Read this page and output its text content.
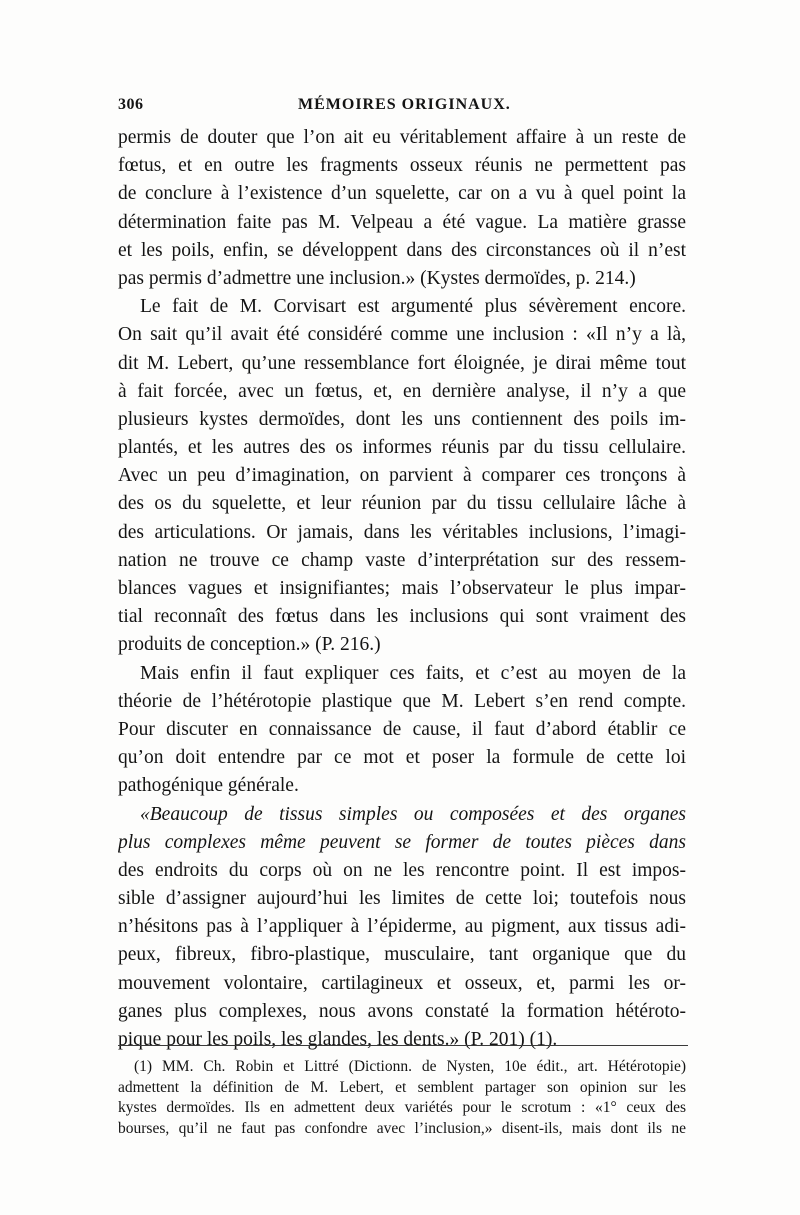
306	MÉMOIRES ORIGINAUX.
permis de douter que l’on ait eu véritablement affaire à un reste de
fœtus, et en outre les fragments osseux réunis ne permettent pas
de conclure à l’existence d’un squelette, car on a vu à quel point la
détermination faite pas M. Velpeau a été vague. La matière grasse
et les poils, enfin, se développent dans des circonstances où il n’est
pas permis d’admettre une inclusion.» (Kystes dermoïdes, p. 214.)
Le fait de M. Corvisart est argumenté plus sévèrement encore.
On sait qu’il avait été considéré comme une inclusion : «Il n’y a là,
dit M. Lebert, qu’une ressemblance fort éloignée, je dirai même tout
à fait forcée, avec un fœtus, et, en dernière analyse, il n’y a que
plusieurs kystes dermoïdes, dont les uns contiennent des poils im-
plantés, et les autres des os informes réunis par du tissu cellulaire.
Avec un peu d’imagination, on parvient à comparer ces tronçons à
des os du squelette, et leur réunion par du tissu cellulaire lâche à
des articulations. Or jamais, dans les véritables inclusions, l’imagi-
nation ne trouve ce champ vaste d’interprétation sur des ressem-
blances vagues et insignifiantes; mais l’observateur le plus impar-
tial reconnaît des fœtus dans les inclusions qui sont vraiment des
produits de conception.» (P. 216.)
Mais enfin il faut expliquer ces faits, et c’est au moyen de la
théorie de l’hétérotopie plastique que M. Lebert s’en rend compte.
Pour discuter en connaissance de cause, il faut d’abord établir ce
qu’on doit entendre par ce mot et poser la formule de cette loi
pathogénique générale.
«Beaucoup de tissus simples ou composées et des organes
plus complexes même peuvent se former de toutes pièces dans
des endroits du corps où on ne les rencontre point. Il est impos-
sible d’assigner aujourd’hui les limites de cette loi; toutefois nous
n’hésitons pas à l’appliquer à l’épiderme, au pigment, aux tissus adi-
peux, fibreux, fibro-plastique, musculaire, tant organique que du
mouvement volontaire, cartilagineux et osseux, et, parmi les or-
ganes plus complexes, nous avons constaté la formation hétéroto-
pique pour les poils, les glandes, les dents.» (P. 201) (1).
(1) MM. Ch. Robin et Littré (Dictionn. de Nysten, 10e édit., art. Hétérotopie)
admettent la définition de M. Lebert, et semblent partager son opinion sur les
kystes dermoïdes. Ils en admettent deux variétés pour le scrotum : «1° ceux des
bourses, qu’il ne faut pas confondre avec l’inclusion,» disent-ils, mais dont ils ne
